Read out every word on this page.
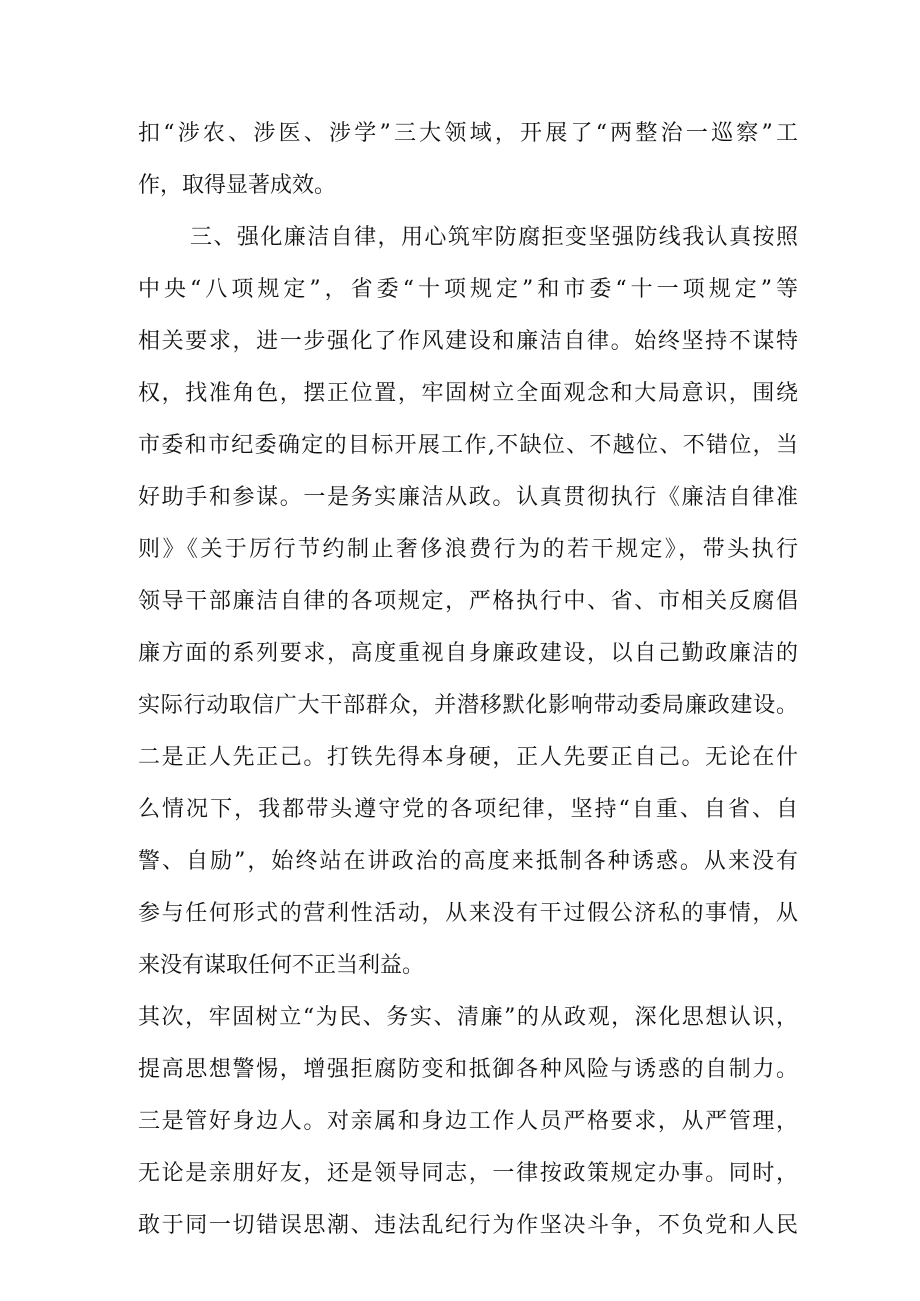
扣“涉农、涉医、涉学”三大领域，开展了“两整治一巡察”工
作，取得显著成效。
三、强化廉洁自律，用心筑牢防腐拒变坚强防线我认真按照
中央“八项规定”，省委“十项规定”和市委“十一项规定”等
相关要求，进一步强化了作风建设和廉洁自律。始终坚持不谋特
权，找准角色，摆正位置，牢固树立全面观念和大局意识，围绕
市委和市纪委确定的目标开展工作,不缺位、不越位、不错位，当
好助手和参谋。一是务实廉洁从政。认真贯彻执行《廉洁自律准
则》《关于厉行节约制止奢侈浪费行为的若干规定》，带头执行
领导干部廉洁自律的各项规定，严格执行中、省、市相关反腐倡
廉方面的系列要求，高度重视自身廉政建设，以自己勤政廉洁的
实际行动取信广大干部群众，并潜移默化影响带动委局廉政建设。
二是正人先正己。打铁先得本身硬，正人先要正自己。无论在什
么情况下，我都带头遵守党的各项纪律，坚持“自重、自省、自
警、自励”，始终站在讲政治的高度来抵制各种诱惑。从来没有
参与任何形式的营利性活动，从来没有干过假公济私的事情，从
来没有谋取任何不正当利益。
其次，牢固树立“为民、务实、清廉”的从政观，深化思想认识，
提高思想警惕，增强拒腐防变和抵御各种风险与诱惑的自制力。
三是管好身边人。对亲属和身边工作人员严格要求，从严管理，
无论是亲朋好友，还是领导同志，一律按政策规定办事。同时，
敢于同一切错误思潮、违法乱纪行为作坚决斗争，不负党和人民
